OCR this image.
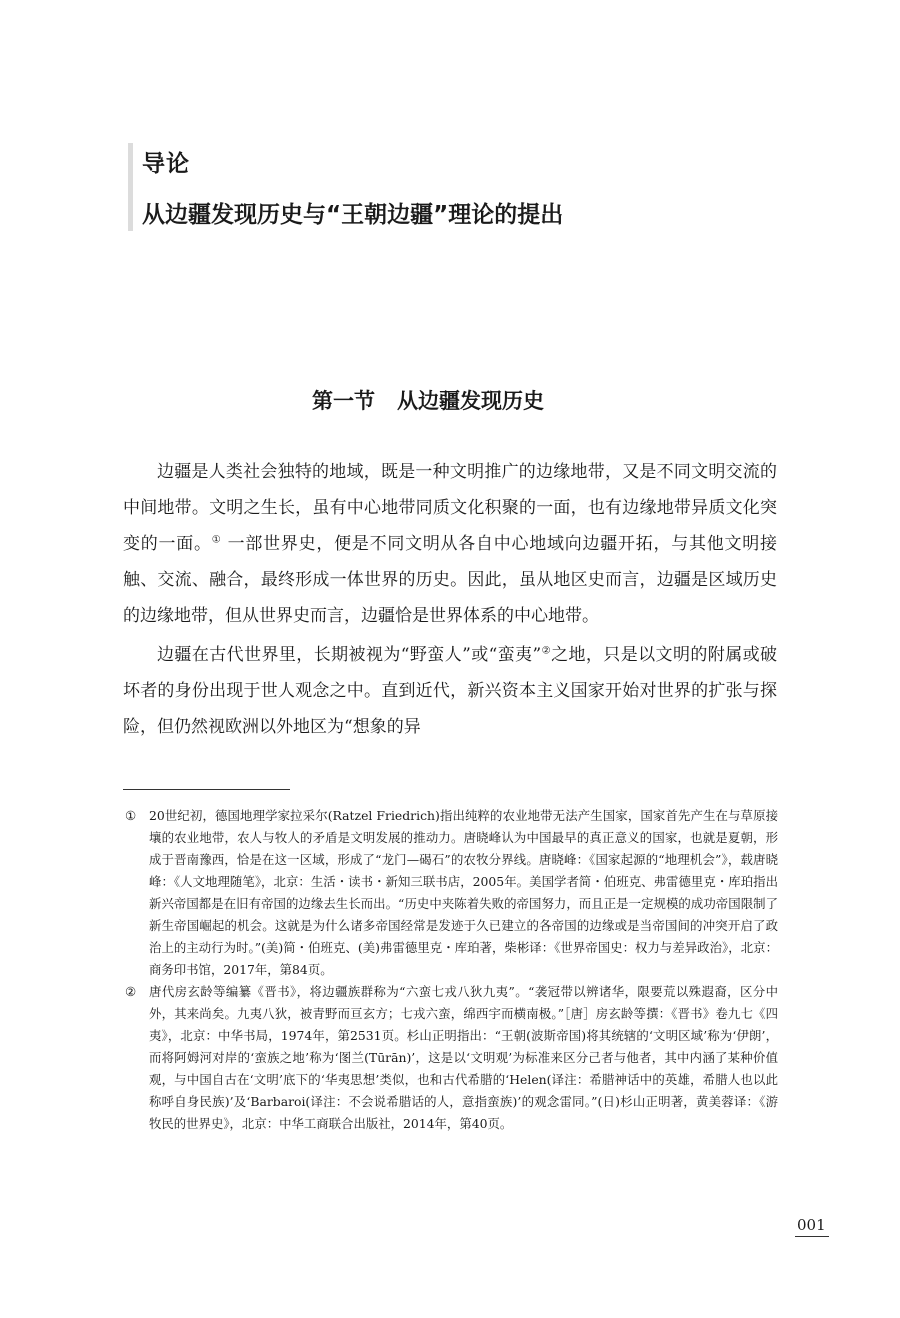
导论
从边疆发现历史与“王朝边疆”理论的提出
第一节 从边疆发现历史

边疆是人类社会独特的地域，既是一种文明推广的边缘地带，又是不同文明交流的中间地带。文明之生长，虽有中心地带同质文化积聚的一面，也有边缘地带异质文化突变的一面。① 一部世界史，便是不同文明从各自中心地域向边疆开拓，与其他文明接触、交流、融合，最终形成一体世界的历史。因此，虽从地区史而言，边疆是区域历史的边缘地带，但从世界史而言，边疆恰是世界体系的中心地带。

边疆在古代世界里，长期被视为“野蛮人”或“蛮夷”②之地，只是以文明的附属或破坏者的身份出现于世人观念之中。直到近代，新兴资本主义国家开始对世界的扩张与探险，但仍然视欧洲以外地区为“想象的异

① 20世纪初，德国地理学家拉采尔(Ratzel Friedrich)指出纯粹的农业地带无法产生国家，国家首先产生在与草原接壤的农业地带，农人与牧人的矛盾是文明发展的推动力。唐晓峰认为中国最早的真正意义的国家，也就是夏朝，形成于晋南豫西，恰是在这一区域，形成了“龙门—碣石”的农牧分界线。唐晓峰：《国家起源的“地理机会”》，载唐晓峰：《人文地理随笔》，北京：生活・读书・新知三联书店，2005年。美国学者简・伯班克、弗雷德里克・库珀指出新兴帝国都是在旧有帝国的边缘去生长而出。“历史中夹陈着失败的帝国努力，而且正是一定规模的成功帝国限制了新生帝国崛起的机会。这就是为什么诸多帝国经常是发迹于久已建立的各帝国的边缘或是当帝国间的冲突开启了政治上的主动行为时。”(美)简・伯班克、(美)弗雷德里克・库珀著，柴彬译：《世界帝国史：权力与差异政治》，北京：商务印书馆，2017年，第84页。
② 唐代房玄龄等编纂《晋书》，将边疆族群称为“六蛮七戎八狄九夷”。“袭冠带以辨诸华，限要荒以殊遐裔，区分中外，其来尚矣。九夷八狄，被青野而亘玄方；七戎六蛮，绵西宇而横南极。”［唐］房玄龄等撰：《晋书》卷九七《四夷》，北京：中华书局，1974年，第2531页。杉山正明指出：“王朝(波斯帝国)将其统辖的‘文明区域’称为‘伊朗’，而将阿姆河对岸的‘蛮族之地’称为‘图兰(Tūrān)’，这是以‘文明观’为标准来区分己者与他者，其中内涵了某种价值观，与中国自古在‘文明’底下的‘华夷思想’类似，也和古代希腊的‘Helen(译注：希腊神话中的英雄，希腊人也以此称呼自身民族)’及‘Barbaroi(译注：不会说希腊话的人，意指蛮族)’的观念雷同。”(日)杉山正明著，黄美蓉译：《游牧民的世界史》，北京：中华工商联合出版社，2014年，第40页。
001
